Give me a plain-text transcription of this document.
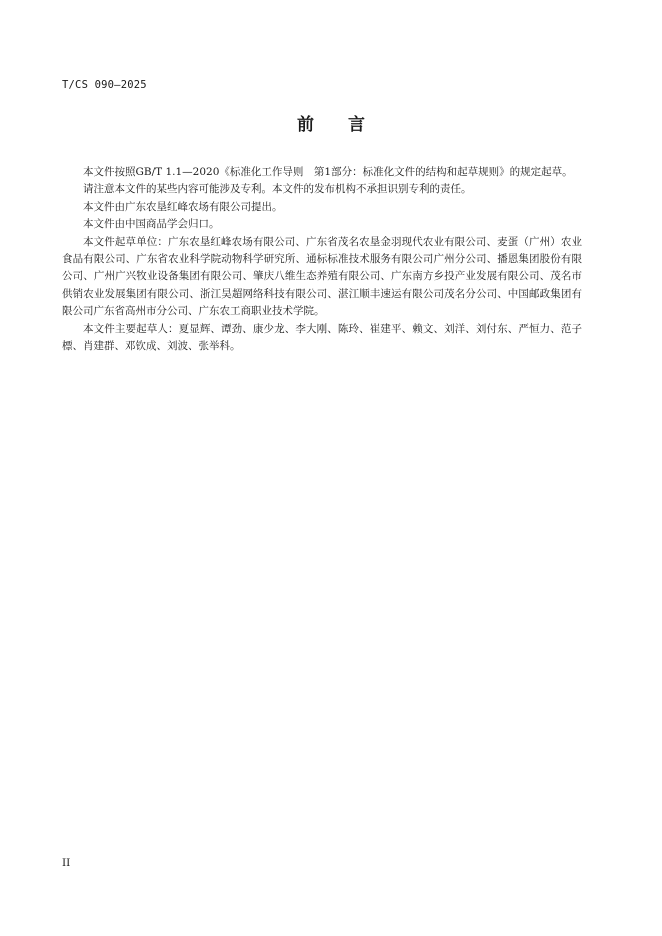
T/CS 090—2025
前言

本文件按照GB/T 1.1—2020《标准化工作导则　第1部分：标准化文件的结构和起草规则》的规定起草。

请注意本文件的某些内容可能涉及专利。本文件的发布机构不承担识别专利的责任。

本文件由广东农垦红峰农场有限公司提出。

本文件由中国商品学会归口。

本文件起草单位：广东农垦红峰农场有限公司、广东省茂名农垦金羽现代农业有限公司、麦蛋（广州）农业食品有限公司、广东省农业科学院动物科学研究所、通标标准技术服务有限公司广州分公司、播恩集团股份有限公司、广州广兴牧业设备集团有限公司、肇庆八维生态养殖有限公司、广东南方乡投产业发展有限公司、茂名市供销农业发展集团有限公司、浙江昊超网络科技有限公司、湛江顺丰速运有限公司茂名分公司、中国邮政集团有限公司广东省高州市分公司、广东农工商职业技术学院。

本文件主要起草人：夏显辉、谭劲、康少龙、李大刚、陈玲、崔建平、赖文、刘洋、刘付东、严恒力、范子標、肖建群、邓钦成、刘波、张举科。

II
